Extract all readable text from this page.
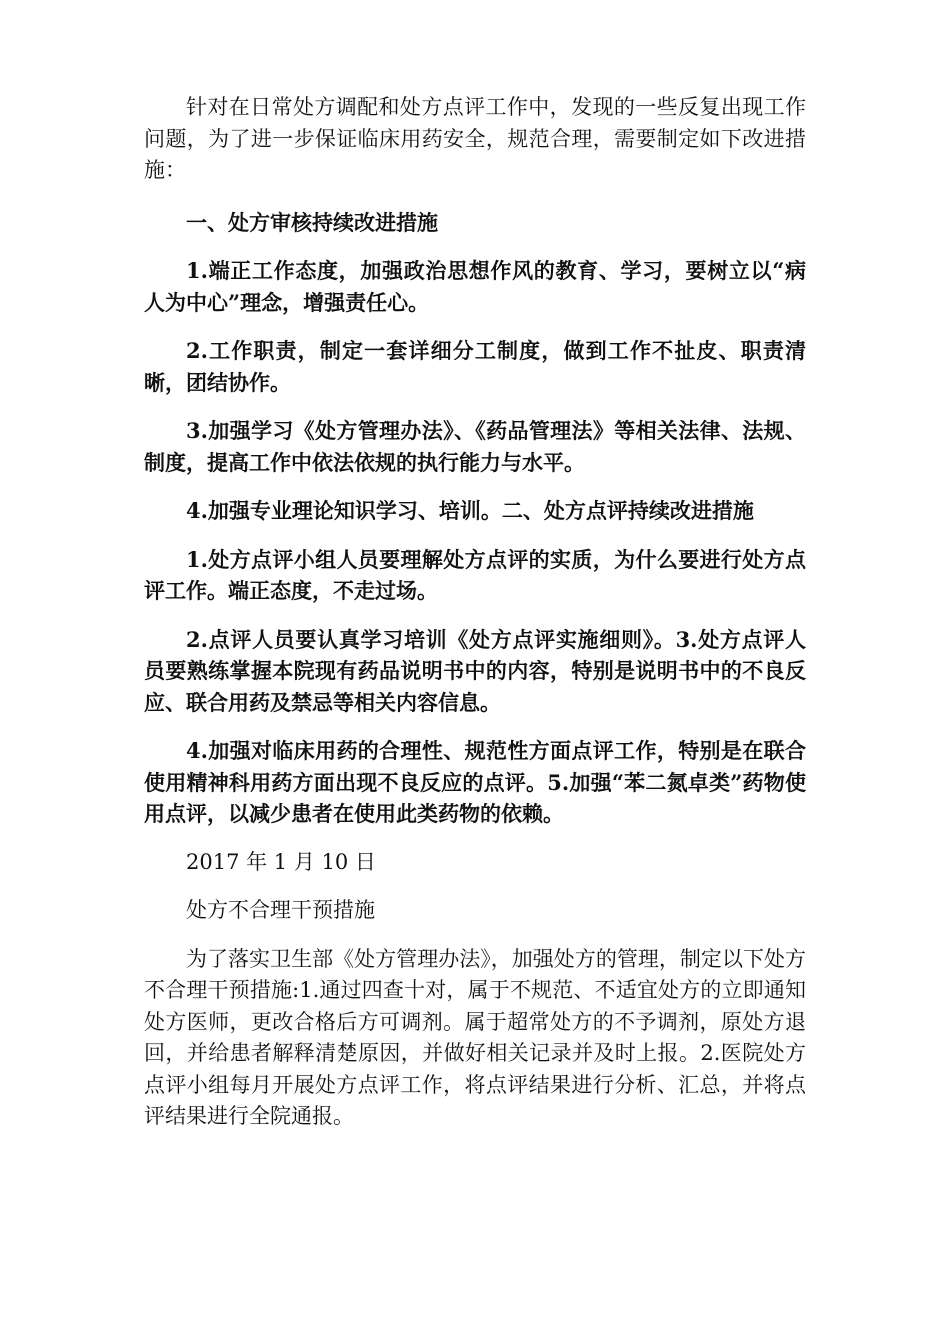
针对在日常处方调配和处方点评工作中，发现的一些反复出现工作问题，为了进一步保证临床用药安全，规范合理，需要制定如下改进措施：

一、处方审核持续改进措施

1.端正工作态度，加强政治思想作风的教育、学习，要树立以“病人为中心”理念，增强责任心。

2.工作职责，制定一套详细分工制度，做到工作不扯皮、职责清晰，团结协作。

3.加强学习《处方管理办法》、《药品管理法》等相关法律、法规、制度，提高工作中依法依规的执行能力与水平。

4.加强专业理论知识学习、培训。二、处方点评持续改进措施

1.处方点评小组人员要理解处方点评的实质，为什么要进行处方点评工作。端正态度，不走过场。

2.点评人员要认真学习培训《处方点评实施细则》。3.处方点评人员要熟练掌握本院现有药品说明书中的内容，特别是说明书中的不良反应、联合用药及禁忌等相关内容信息。

4.加强对临床用药的合理性、规范性方面点评工作，特别是在联合使用精神科用药方面出现不良反应的点评。5.加强“苯二氮卓类”药物使用点评，以减少患者在使用此类药物的依赖。

2017 年 1 月 10 日

处方不合理干预措施

为了落实卫生部《处方管理办法》，加强处方的管理，制定以下处方不合理干预措施:1.通过四查十对，属于不规范、不适宜处方的立即通知处方医师，更改合格后方可调剂。属于超常处方的不予调剂，原处方退回，并给患者解释清楚原因，并做好相关记录并及时上报。2.医院处方点评小组每月开展处方点评工作，将点评结果进行分析、汇总，并将点评结果进行全院通报。
